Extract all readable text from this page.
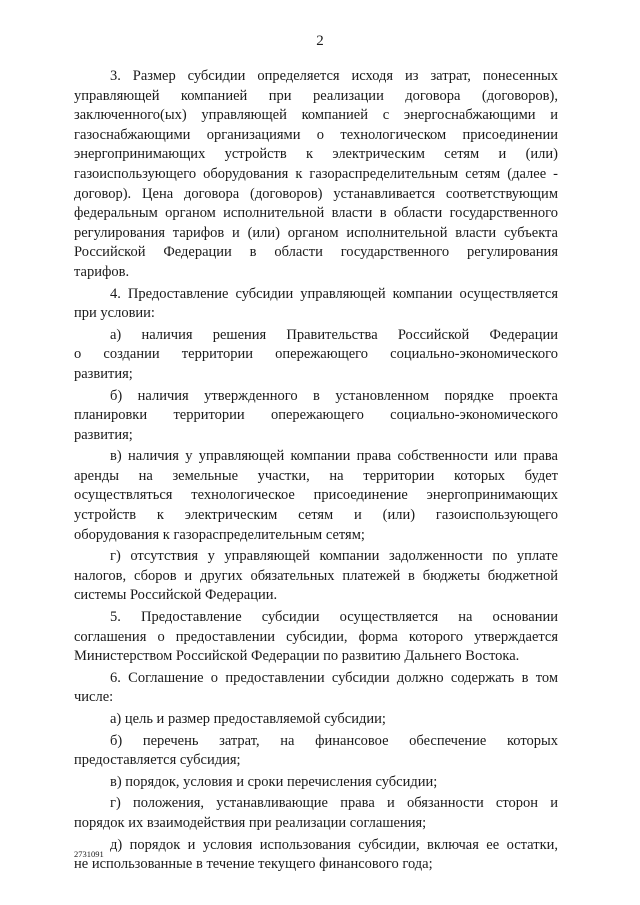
2

3. Размер субсидии определяется исходя из затрат, понесенных

управляющей компанией при реализации договора (договоров),

заключенного(ых) управляющей компанией с энергоснабжающими и

газоснабжающими организациями о технологическом присоединении

энергопринимающих устройств к электрическим сетям и (или)

газоиспользующего оборудования к газораспределительным сетям (далее -

договор). Цена договора (договоров) устанавливается соответствующим

федеральным органом исполнительной власти в области государственного

регулирования тарифов и (или) органом исполнительной власти субъекта

Российской Федерации в области государственного регулирования

тарифов.

4. Предоставление субсидии управляющей компании осуществляется

при условии:

а) наличия решения Правительства Российской Федерации

о создании территории опережающего социально-экономического

развития;

б) наличия утвержденного в установленном порядке проекта

планировки территории опережающего социально-экономического

развития;

в) наличия у управляющей компании права собственности или права

аренды на земельные участки, на территории которых будет

осуществляться технологическое присоединение энергопринимающих

устройств к электрическим сетям и (или) газоиспользующего

оборудования к газораспределительным сетям;

г) отсутствия у управляющей компании задолженности по уплате

налогов, сборов и других обязательных платежей в бюджеты бюджетной

системы Российской Федерации.

5. Предоставление субсидии осуществляется на основании

соглашения о предоставлении субсидии, форма которого утверждается

Министерством Российской Федерации по развитию Дальнего Востока.

6. Соглашение о предоставлении субсидии должно содержать в том

числе:

а) цель и размер предоставляемой субсидии;

б) перечень затрат, на финансовое обеспечение которых

предоставляется субсидия;

в) порядок, условия и сроки перечисления субсидии;

г) положения, устанавливающие права и обязанности сторон и

порядок их взаимодействия при реализации соглашения;

д) порядок и условия использования субсидии, включая ее остатки,

не использованные в течение текущего финансового года;

2731091
